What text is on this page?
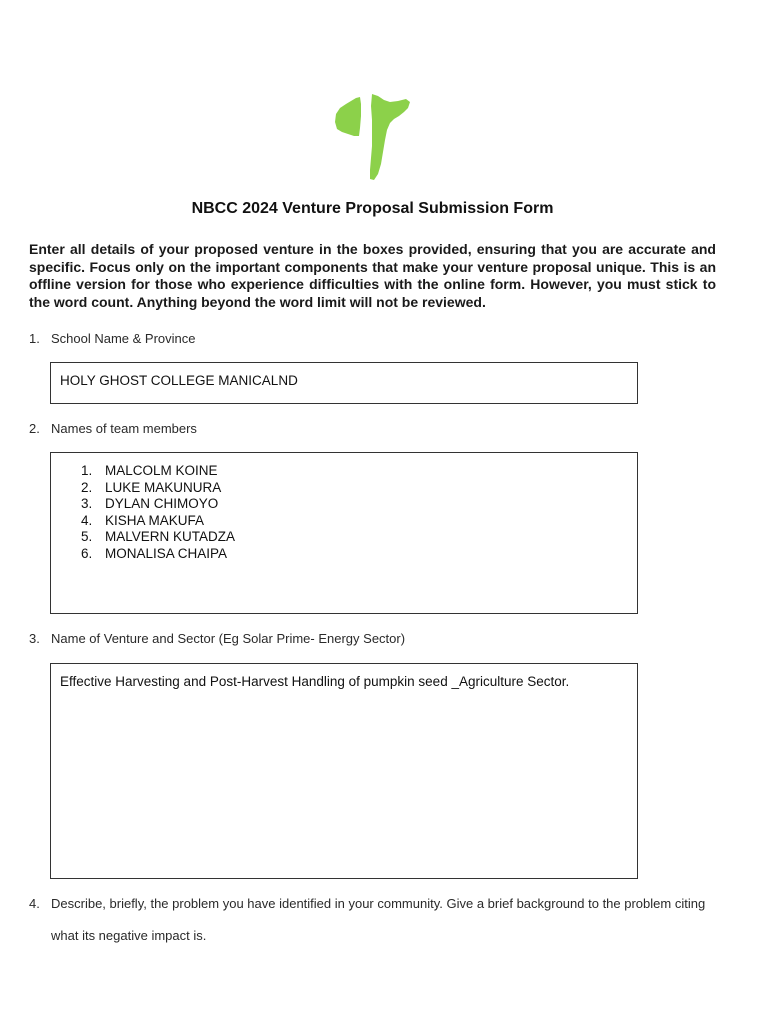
NBCC 2024 Venture Proposal Submission Form
Enter all details of your proposed venture in the boxes provided, ensuring that you are accurate and specific. Focus only on the important components that make your venture proposal unique. This is an offline version for those who experience difficulties with the online form. However, you must stick to the word count. Anything beyond the word limit will not be reviewed.
1. School Name & Province
HOLY GHOST COLLEGE MANICALND
2. Names of team members
1. MALCOLM KOINE
2. LUKE MAKUNURA
3. DYLAN CHIMOYO
4. KISHA MAKUFA
5. MALVERN KUTADZA
6. MONALISA CHAIPA
3. Name of Venture and Sector (Eg Solar Prime- Energy Sector)
Effective Harvesting and Post-Harvest Handling of pumpkin seed _Agriculture Sector.
4. Describe, briefly, the problem you have identified in your community. Give a brief background to the problem citing what its negative impact is.
